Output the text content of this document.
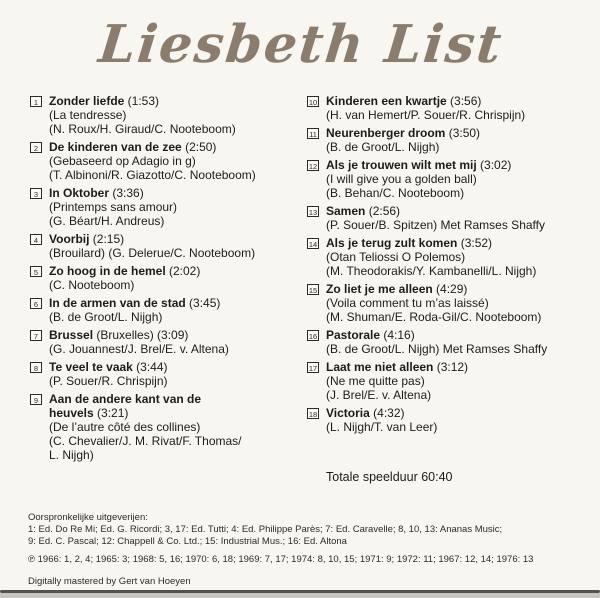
Liesbeth List
1 Zonder liefde (1:53)
(La tendresse)
(N. Roux/H. Giraud/C. Nooteboom)
2 De kinderen van de zee (2:50)
(Gebaseerd op Adagio in g)
(T. Albinoni/R. Giazotto/C. Nooteboom)
3 In Oktober (3:36)
(Printemps sans amour)
(G. Béart/H. Andreus)
4 Voorbij (2:15)
(Brouilard) (G. Delerue/C. Nooteboom)
5 Zo hoog in de hemel (2:02)
(C. Nooteboom)
6 In de armen van de stad (3:45)
(B. de Groot/L. Nijgh)
7 Brussel (Bruxelles) (3:09)
(G. Jouannest/J. Brel/E. v. Altena)
8 Te veel te vaak (3:44)
(P. Souer/R. Chrispijn)
9 Aan de andere kant van de
heuvels (3:21)
(De l’autre côté des collines)
(C. Chevalier/J. M. Rivat/F. Thomas/
L. Nijgh)
10 Kinderen een kwartje (3:56)
(H. van Hemert/P. Souer/R. Chrispijn)
11 Neurenberger droom (3:50)
(B. de Groot/L. Nijgh)
12 Als je trouwen wilt met mij (3:02)
(I will give you a golden ball)
(B. Behan/C. Nooteboom)
13 Samen (2:56)
(P. Souer/B. Spitzen) Met Ramses Shaffy
14 Als je terug zult komen (3:52)
(Otan Teliossi O Polemos)
(M. Theodorakis/Y. Kambanelli/L. Nijgh)
15 Zo liet je me alleen (4:29)
(Voila comment tu m’as laissé)
(M. Shuman/E. Roda-Gil/C. Nooteboom)
16 Pastorale (4:16)
(B. de Groot/L. Nijgh) Met Ramses Shaffy
17 Laat me niet alleen (3:12)
(Ne me quitte pas)
(J. Brel/E. v. Altena)
18 Victoria (4:32)
(L. Nijgh/T. van Leer)
Totale speelduur 60:40
Oorspronkelijke uitgeverijen:
1: Ed. Do Re Mi; Ed. G. Ricordi; 3, 17: Ed. Tutti; 4: Ed. Philippe Parès; 7: Ed. Caravelle; 8, 10, 13: Ananas Music;
9: Ed. C. Pascal; 12: Chappell & Co. Ltd.; 15: Industrial Mus.; 16: Ed. Altona
℗ 1966: 1, 2, 4; 1965: 3; 1968: 5, 16; 1970: 6, 18; 1969: 7, 17; 1974: 8, 10, 15; 1971: 9; 1972: 11; 1967: 12, 14; 1976: 13
Digitally mastered by Gert van Hoeyen
